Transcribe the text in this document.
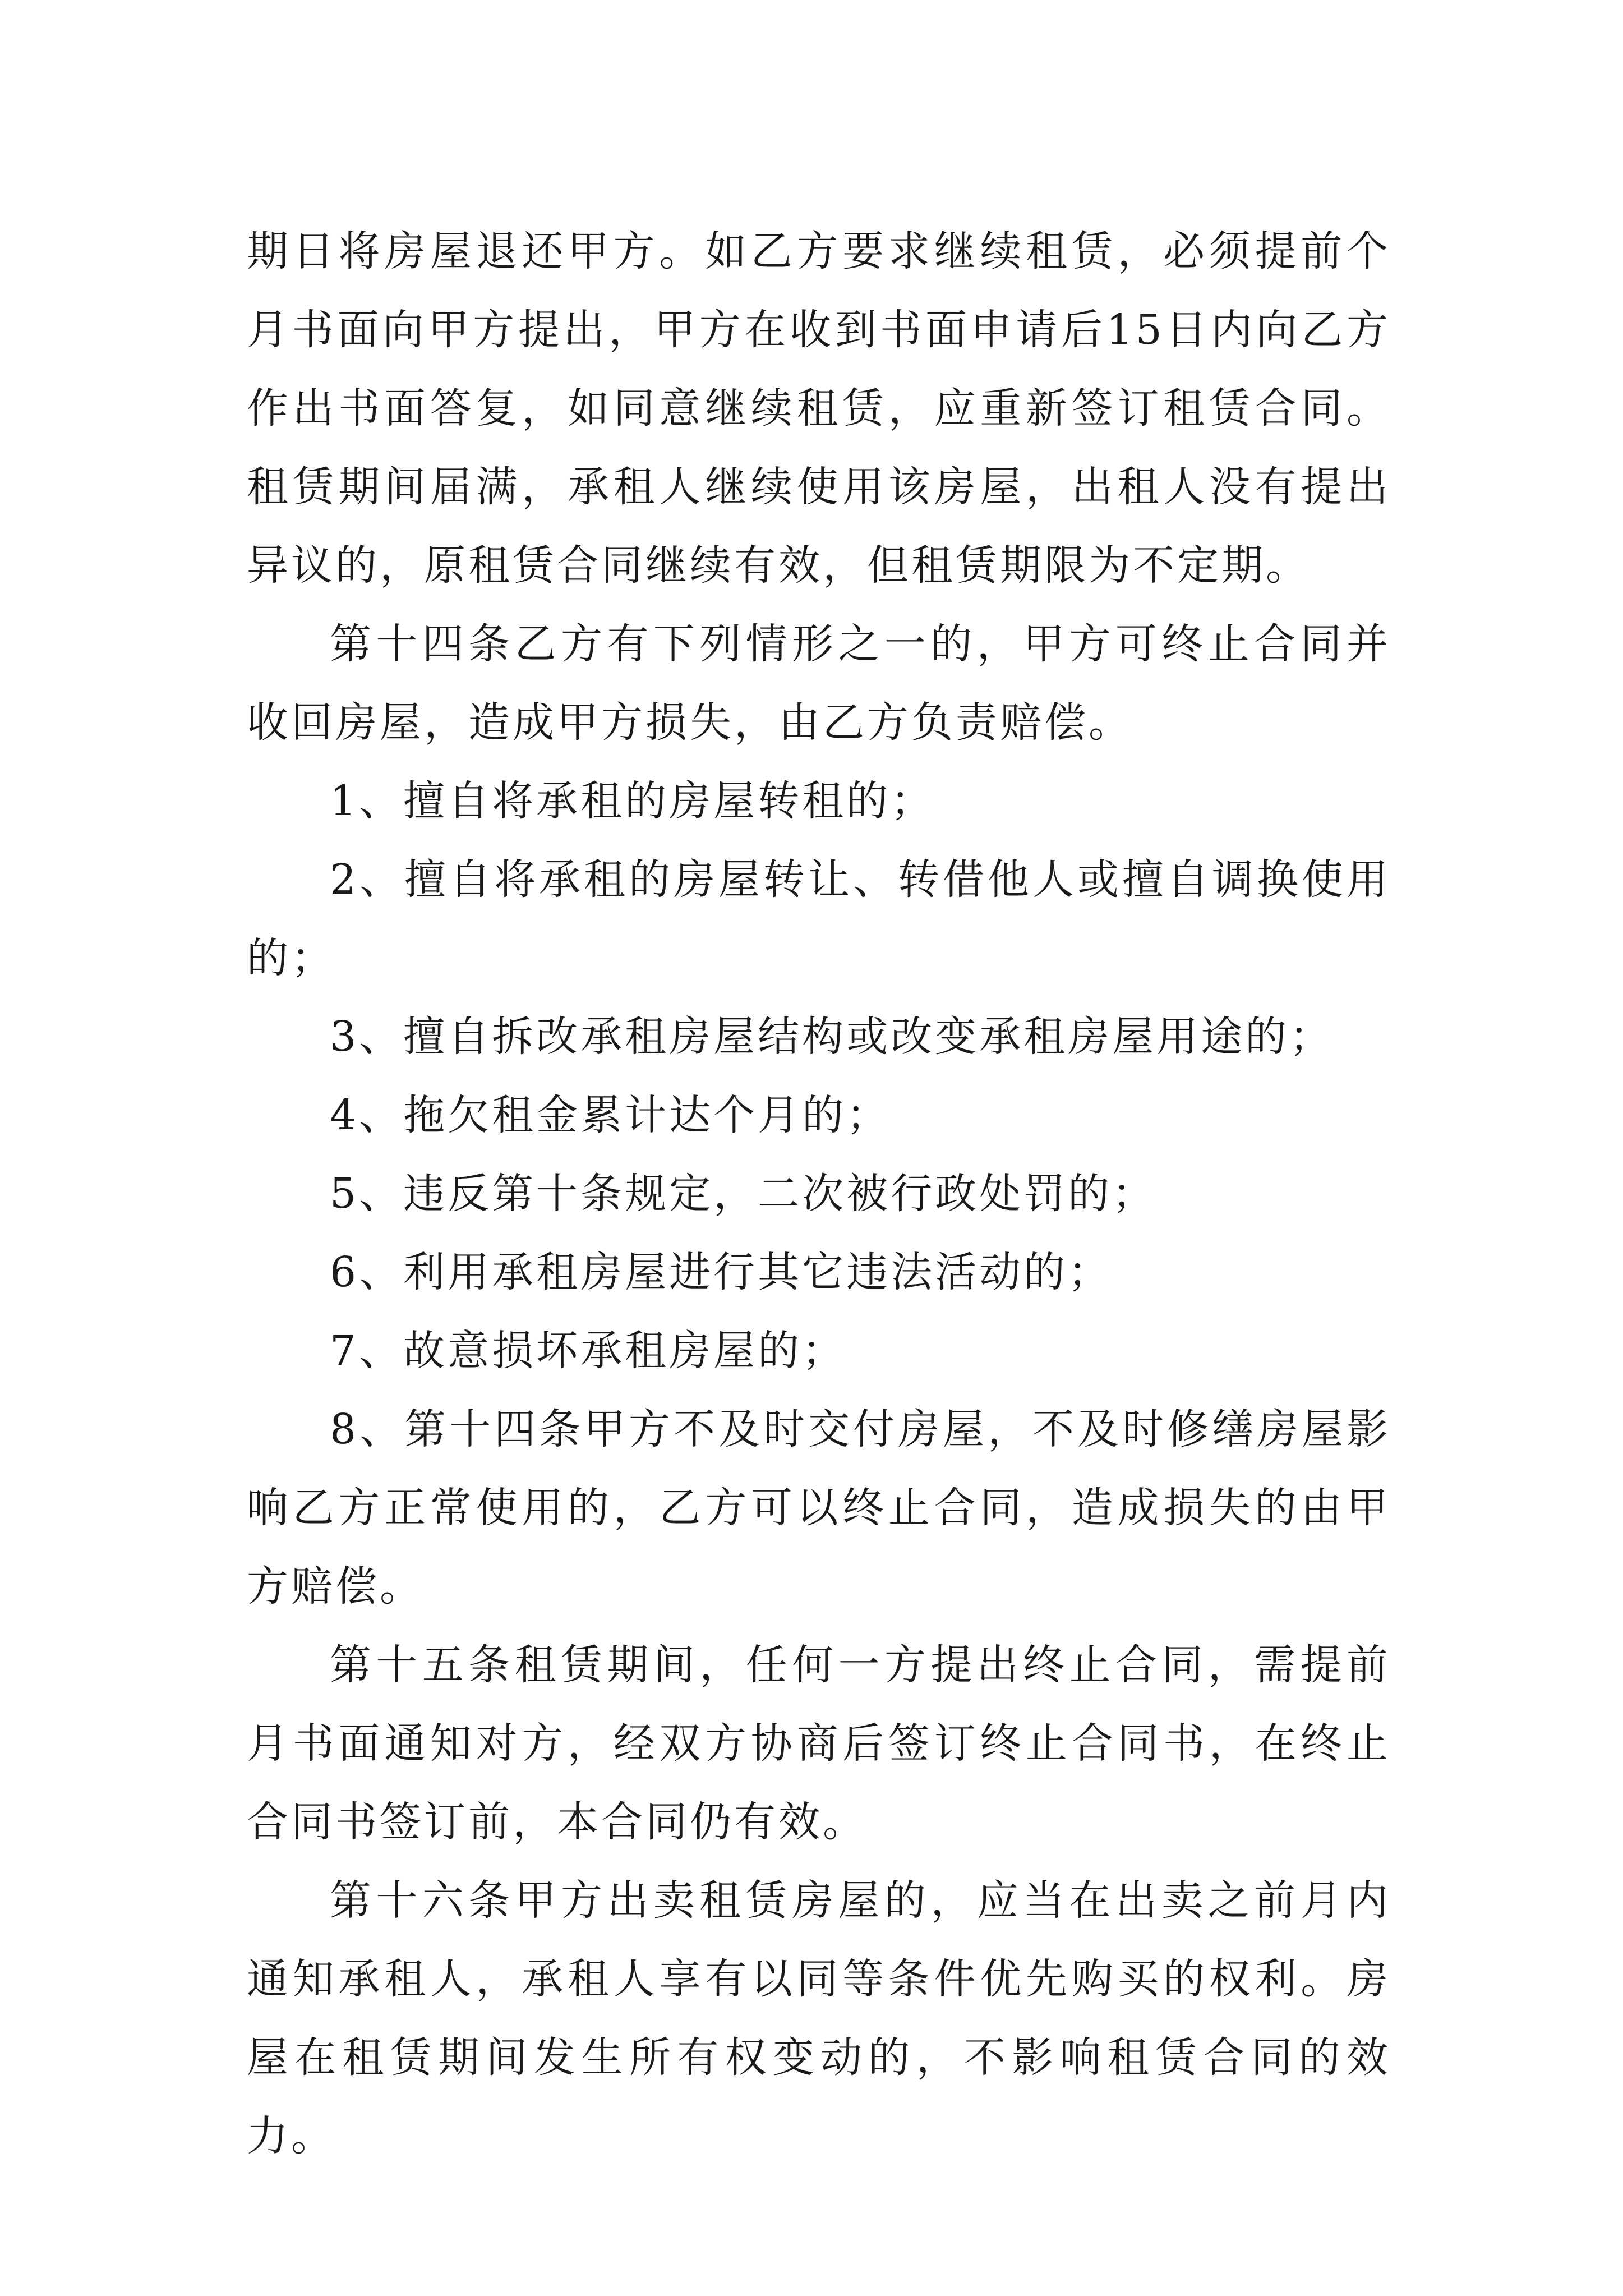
期日将房屋退还甲方。如乙方要求继续租赁，必须提前个月书面向甲方提出，甲方在收到书面申请后15日内向乙方作出书面答复，如同意继续租赁，应重新签订租赁合同。租赁期间届满，承租人继续使用该房屋，出租人没有提出异议的，原租赁合同继续有效，但租赁期限为不定期。

第十四条乙方有下列情形之一的，甲方可终止合同并收回房屋，造成甲方损失，由乙方负责赔偿。

1、擅自将承租的房屋转租的；

2、擅自将承租的房屋转让、转借他人或擅自调换使用的；

3、擅自拆改承租房屋结构或改变承租房屋用途的；

4、拖欠租金累计达个月的；

5、违反第十条规定，二次被行政处罚的；

6、利用承租房屋进行其它违法活动的；

7、故意损坏承租房屋的；

8、第十四条甲方不及时交付房屋，不及时修缮房屋影响乙方正常使用的，乙方可以终止合同，造成损失的由甲方赔偿。

第十五条租赁期间，任何一方提出终止合同，需提前月书面通知对方，经双方协商后签订终止合同书，在终止合同书签订前，本合同仍有效。

第十六条甲方出卖租赁房屋的，应当在出卖之前月内通知承租人，承租人享有以同等条件优先购买的权利。房屋在租赁期间发生所有权变动的，不影响租赁合同的效力。
